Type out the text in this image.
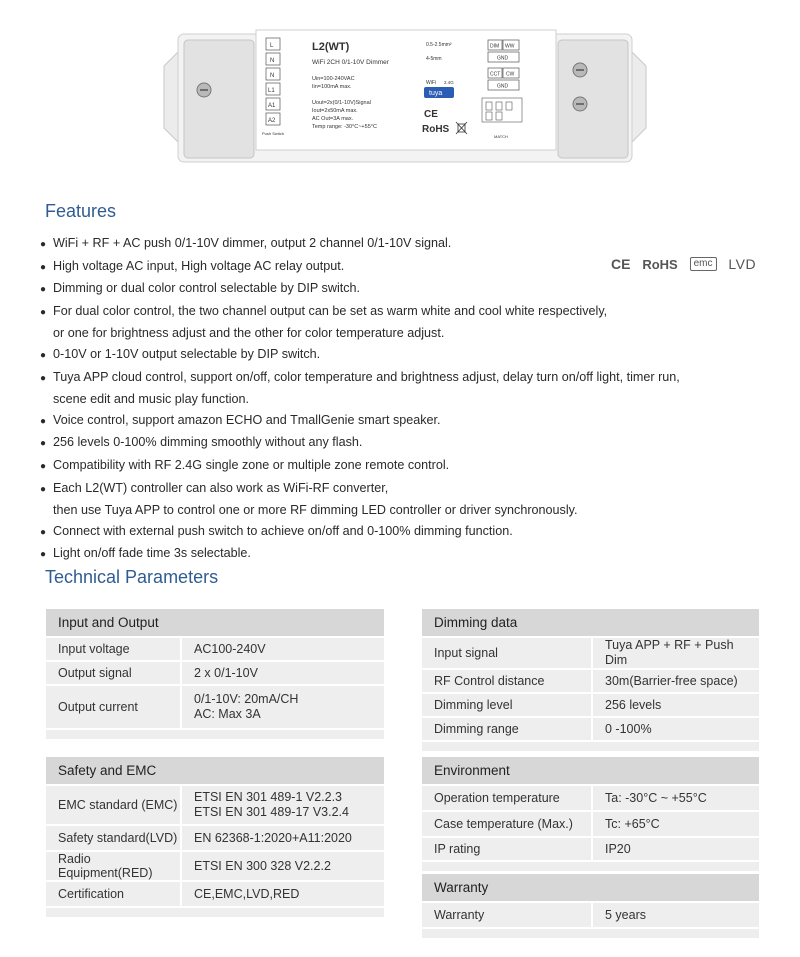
L
N
N
L1
A1
A2
Push Switch
L2(WT)
WiFi 2CH 0/1-10V Dimmer
Uin=100-240VAC
Iin=100mA max.
Uout=2x(0/1-10V)Signal
Iout=2x50mA max.
AC Out=3A max.
Temp range: -30°C~+55°C
0.5-2.5mm²
4-5mm
WiFi 2.4G
tuya
CE
RoHS
DIM WW
GND
CCT CW
GND
MATCH
Features
● WiFi + RF + AC push 0/1-10V dimmer, output 2 channel 0/1-10V signal.
● High voltage AC input, High voltage AC relay output.
● Dimming or dual color control selectable by DIP switch.
● For dual color control, the two channel output can be set as warm white and cool white respectively,
or one for brightness adjust and the other for color temperature adjust.
● 0-10V or 1-10V output selectable by DIP switch.
● Tuya APP cloud control, support on/off, color temperature and brightness adjust, delay turn on/off light, timer run,
scene edit and music play function.
● Voice control, support amazon ECHO and TmallGenie smart speaker.
● 256 levels 0-100% dimming smoothly without any flash.
● Compatibility with RF 2.4G single zone or multiple zone remote control.
● Each L2(WT) controller can also work as WiFi-RF converter,
then use Tuya APP to control one or more RF dimming LED controller or driver synchronously.
● Connect with external push switch to achieve on/off and 0-100% dimming function.
● Light on/off fade time 3s selectable.
CE RoHS emc LVD
Technical Parameters
Input and Output	
Input voltage	AC100-240V

Output signal	2 x 0/1-10V

Output current	0/1-10V: 20mA/CH
AC: Max 3A

Safety and EMC	
EMC standard (EMC)	ETSI EN 301 489-1 V2.2.3
ETSI EN 301 489-17 V3.2.4

Safety standard(LVD)	EN 62368-1:2020+A11:2020

Radio Equipment(RED)	ETSI EN 300 328 V2.2.2

Certification	CE,EMC,LVD,RED

Dimming data	
Input signal	Tuya APP + RF + Push Dim

RF Control distance	30m(Barrier-free space)

Dimming level	256 levels

Dimming range	0 -100%

Environment	
Operation temperature	Ta: -30°C ~ +55°C

Case temperature (Max.)	Tc: +65°C

IP rating	IP20

Warranty
Warranty	5 years
